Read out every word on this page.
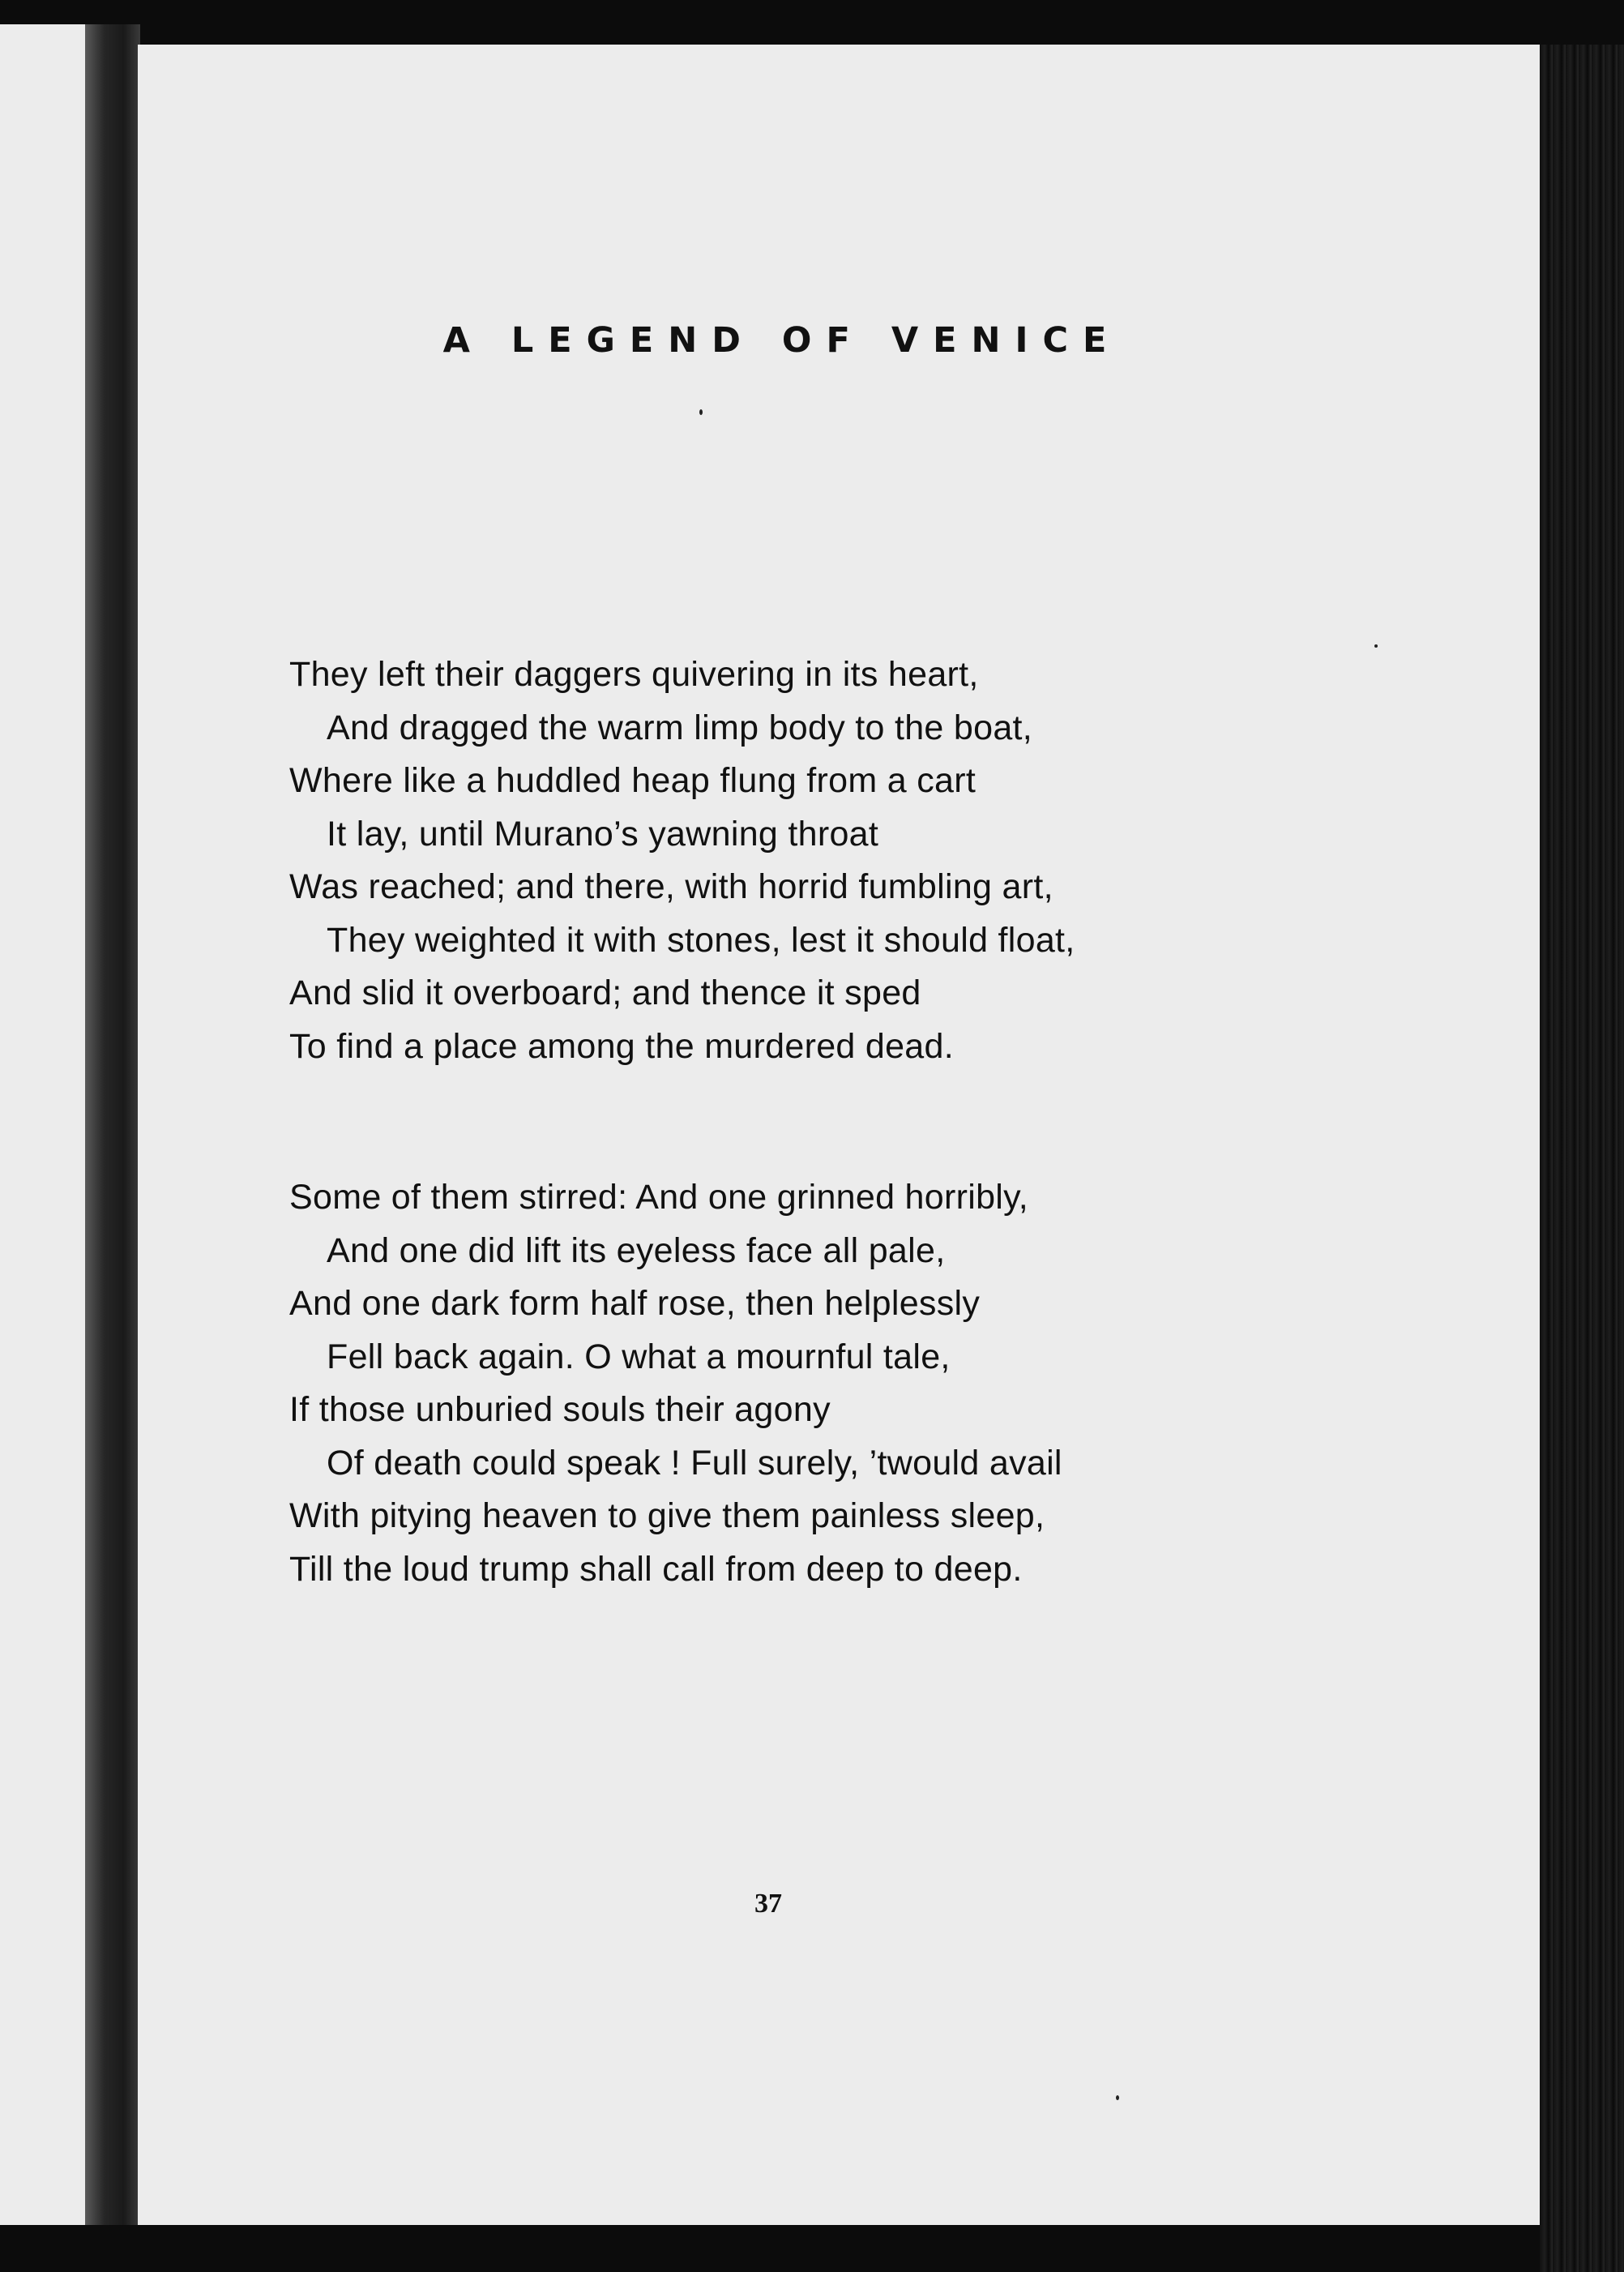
A LEGEND OF VENICE
They left their daggers quivering in its heart,
And dragged the warm limp body to the boat,
Where like a huddled heap flung from a cart
It lay, until Murano’s yawning throat
Was reached; and there, with horrid fumbling art,
They weighted it with stones, lest it should float,
And slid it overboard; and thence it sped
To find a place among the murdered dead.
Some of them stirred: And one grinned horribly,
And one did lift its eyeless face all pale,
And one dark form half rose, then helplessly
Fell back again. O what a mournful tale,
If those unburied souls their agony
Of death could speak ! Full surely, ’twould avail
With pitying heaven to give them painless sleep,
Till the loud trump shall call from deep to deep.
37
